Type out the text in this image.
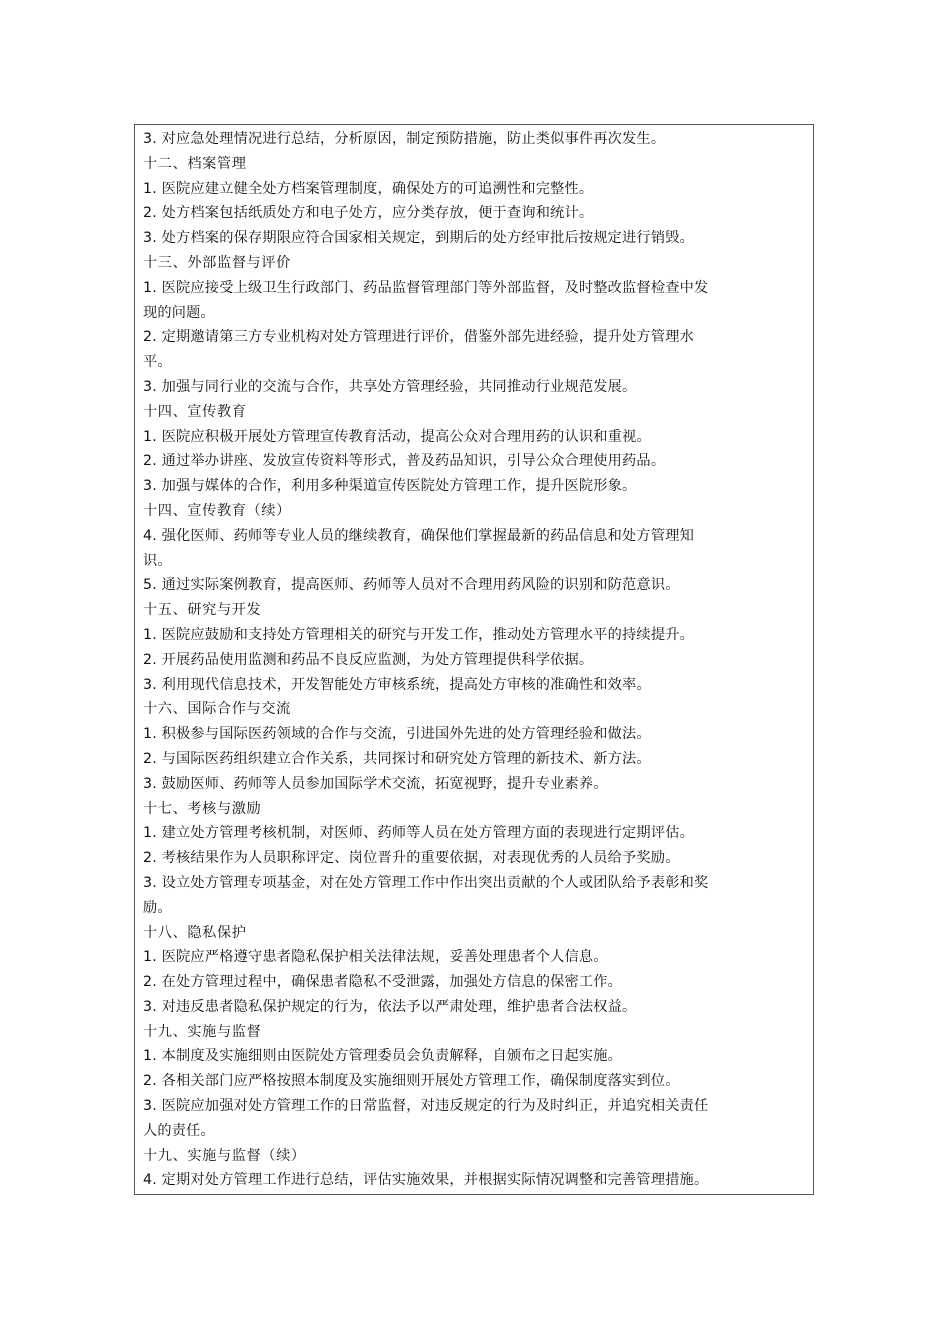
3. 对应急处理情况进行总结，分析原因，制定预防措施，防止类似事件再次发生。
十二、档案管理
1. 医院应建立健全处方档案管理制度，确保处方的可追溯性和完整性。
2. 处方档案包括纸质处方和电子处方，应分类存放，便于查询和统计。
3. 处方档案的保存期限应符合国家相关规定，到期后的处方经审批后按规定进行销毁。
十三、外部监督与评价
1. 医院应接受上级卫生行政部门、药品监督管理部门等外部监督，及时整改监督检查中发
现的问题。
2. 定期邀请第三方专业机构对处方管理进行评价，借鉴外部先进经验，提升处方管理水
平。
3. 加强与同行业的交流与合作，共享处方管理经验，共同推动行业规范发展。
十四、宣传教育
1. 医院应积极开展处方管理宣传教育活动，提高公众对合理用药的认识和重视。
2. 通过举办讲座、发放宣传资料等形式，普及药品知识，引导公众合理使用药品。
3. 加强与媒体的合作，利用多种渠道宣传医院处方管理工作，提升医院形象。
十四、宣传教育（续）
4. 强化医师、药师等专业人员的继续教育，确保他们掌握最新的药品信息和处方管理知
识。
5. 通过实际案例教育，提高医师、药师等人员对不合理用药风险的识别和防范意识。
十五、研究与开发
1. 医院应鼓励和支持处方管理相关的研究与开发工作，推动处方管理水平的持续提升。
2. 开展药品使用监测和药品不良反应监测，为处方管理提供科学依据。
3. 利用现代信息技术，开发智能处方审核系统，提高处方审核的准确性和效率。
十六、国际合作与交流
1. 积极参与国际医药领域的合作与交流，引进国外先进的处方管理经验和做法。
2. 与国际医药组织建立合作关系，共同探讨和研究处方管理的新技术、新方法。
3. 鼓励医师、药师等人员参加国际学术交流，拓宽视野，提升专业素养。
十七、考核与激励
1. 建立处方管理考核机制，对医师、药师等人员在处方管理方面的表现进行定期评估。
2. 考核结果作为人员职称评定、岗位晋升的重要依据，对表现优秀的人员给予奖励。
3. 设立处方管理专项基金，对在处方管理工作中作出突出贡献的个人或团队给予表彰和奖
励。
十八、隐私保护
1. 医院应严格遵守患者隐私保护相关法律法规，妥善处理患者个人信息。
2. 在处方管理过程中，确保患者隐私不受泄露，加强处方信息的保密工作。
3. 对违反患者隐私保护规定的行为，依法予以严肃处理，维护患者合法权益。
十九、实施与监督
1. 本制度及实施细则由医院处方管理委员会负责解释，自颁布之日起实施。
2. 各相关部门应严格按照本制度及实施细则开展处方管理工作，确保制度落实到位。
3. 医院应加强对处方管理工作的日常监督，对违反规定的行为及时纠正，并追究相关责任
人的责任。
十九、实施与监督（续）
4. 定期对处方管理工作进行总结，评估实施效果，并根据实际情况调整和完善管理措施。
